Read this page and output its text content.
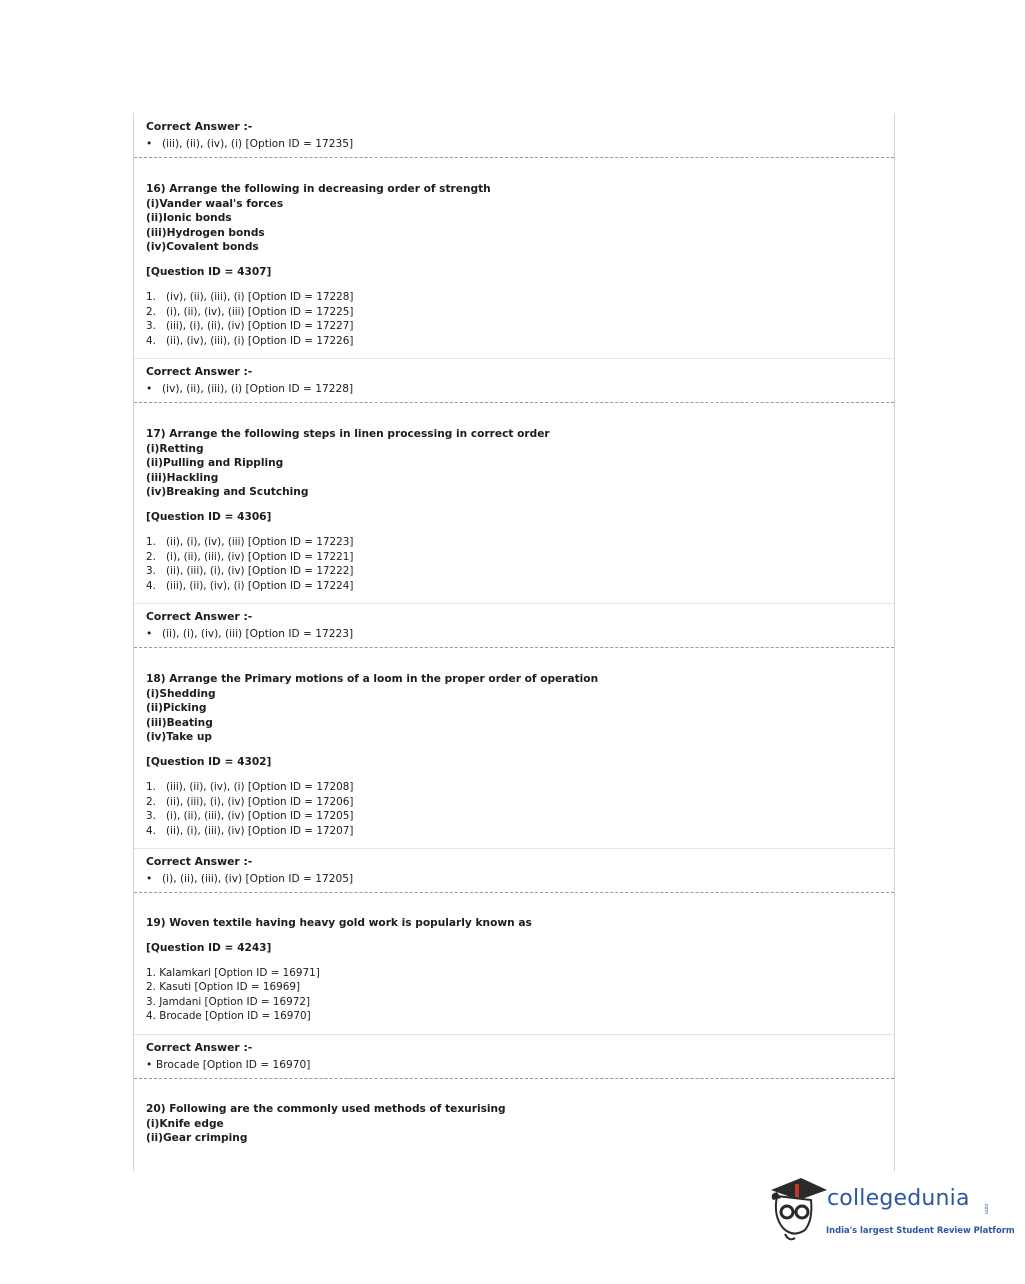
Correct Answer :-
• (iii), (ii), (iv), (i) [Option ID = 17235]
16) Arrange the following in decreasing order of strength
(i)Vander waal's forces
(ii)Ionic bonds
(iii)Hydrogen bonds
(iv)Covalent bonds
[Question ID = 4307]
1. (iv), (ii), (iii), (i) [Option ID = 17228]
2. (i), (ii), (iv), (iii) [Option ID = 17225]
3. (iii), (i), (ii), (iv) [Option ID = 17227]
4. (ii), (iv), (iii), (i) [Option ID = 17226]
Correct Answer :-
• (iv), (ii), (iii), (i) [Option ID = 17228]
17) Arrange the following steps in linen processing in correct order
(i)Retting
(ii)Pulling and Rippling
(iii)Hackling
(iv)Breaking and Scutching
[Question ID = 4306]
1. (ii), (i), (iv), (iii) [Option ID = 17223]
2. (i), (ii), (iii), (iv) [Option ID = 17221]
3. (ii), (iii), (i), (iv) [Option ID = 17222]
4. (iii), (ii), (iv), (i) [Option ID = 17224]
Correct Answer :-
• (ii), (i), (iv), (iii) [Option ID = 17223]
18) Arrange the Primary motions of a loom in the proper order of operation
(i)Shedding
(ii)Picking
(iii)Beating
(iv)Take up
[Question ID = 4302]
1. (iii), (ii), (iv), (i) [Option ID = 17208]
2. (ii), (iii), (i), (iv) [Option ID = 17206]
3. (i), (ii), (iii), (iv) [Option ID = 17205]
4. (ii), (i), (iii), (iv) [Option ID = 17207]
Correct Answer :-
• (i), (ii), (iii), (iv) [Option ID = 17205]
19) Woven textile having heavy gold work is popularly known as
[Question ID = 4243]
1. Kalamkari [Option ID = 16971]
2. Kasuti [Option ID = 16969]
3. Jamdani [Option ID = 16972]
4. Brocade [Option ID = 16970]
Correct Answer :-
• Brocade [Option ID = 16970]
20) Following are the commonly used methods of texurising
(i)Knife edge
(ii)Gear crimping
collegedunia	.com
India's largest Student Review Platform
